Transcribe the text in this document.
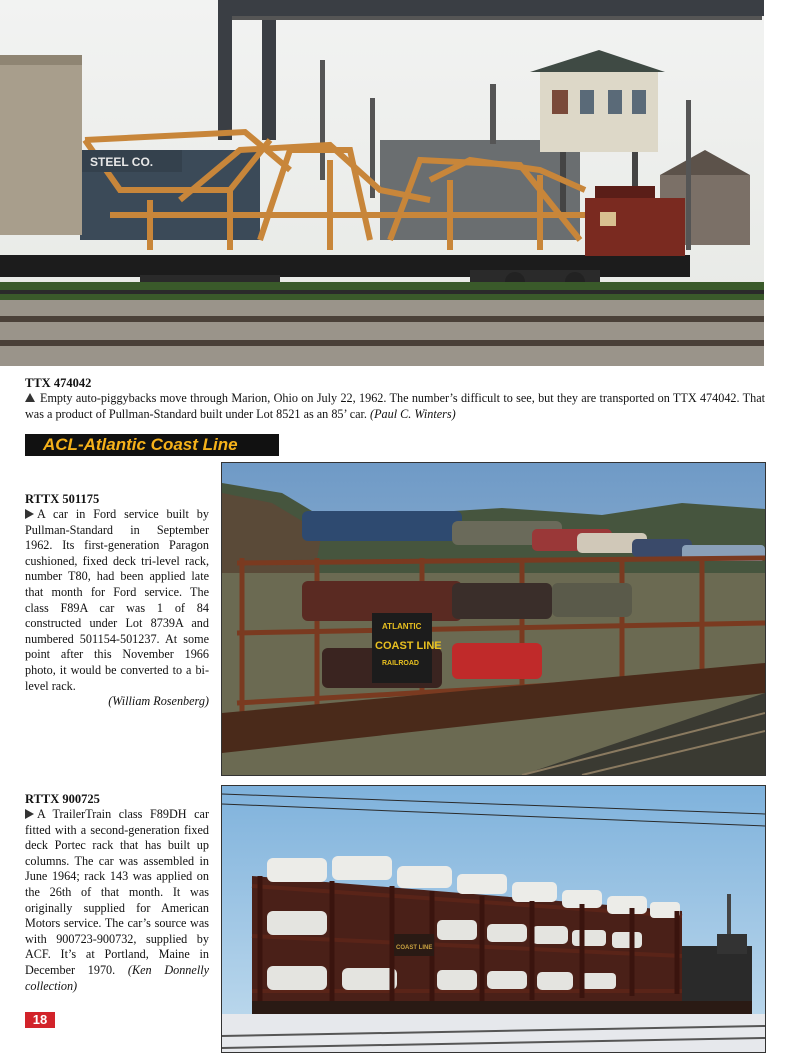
STEEL CO.
TTX 474042
Empty auto-piggybacks move through Marion, Ohio on July 22, 1962. The number’s difficult to see, but they are transported on TTX 474042. That was a product of Pullman-Standard built under Lot 8521 as an 85’ car. (Paul C. Winters)
ACL-Atlantic Coast Line
ATLANTIC
COAST LINE
RAILROAD
RTTX 501175
A car in Ford service built by Pullman-Standard in September 1962. Its first-generation Paragon cushioned, fixed deck tri-level rack, number T80, had been applied late that month for Ford service. The class F89A car was 1 of 84 constructed under Lot 8739A and numbered 501154-501237. At some point after this November 1966 photo, it would be converted to a bi-level rack.
(William Rosenberg)
COAST LINE
RTTX 900725
A TrailerTrain class F89DH car fitted with a second-generation fixed deck Portec rack that has built up columns. The car was assembled in June 1964; rack 143 was applied on the 26th of that month. It was originally supplied for American Motors service. The car’s source was with 900723-900732, supplied by ACF. It’s at Portland, Maine in December 1970. (Ken Donnelly collection)
18
